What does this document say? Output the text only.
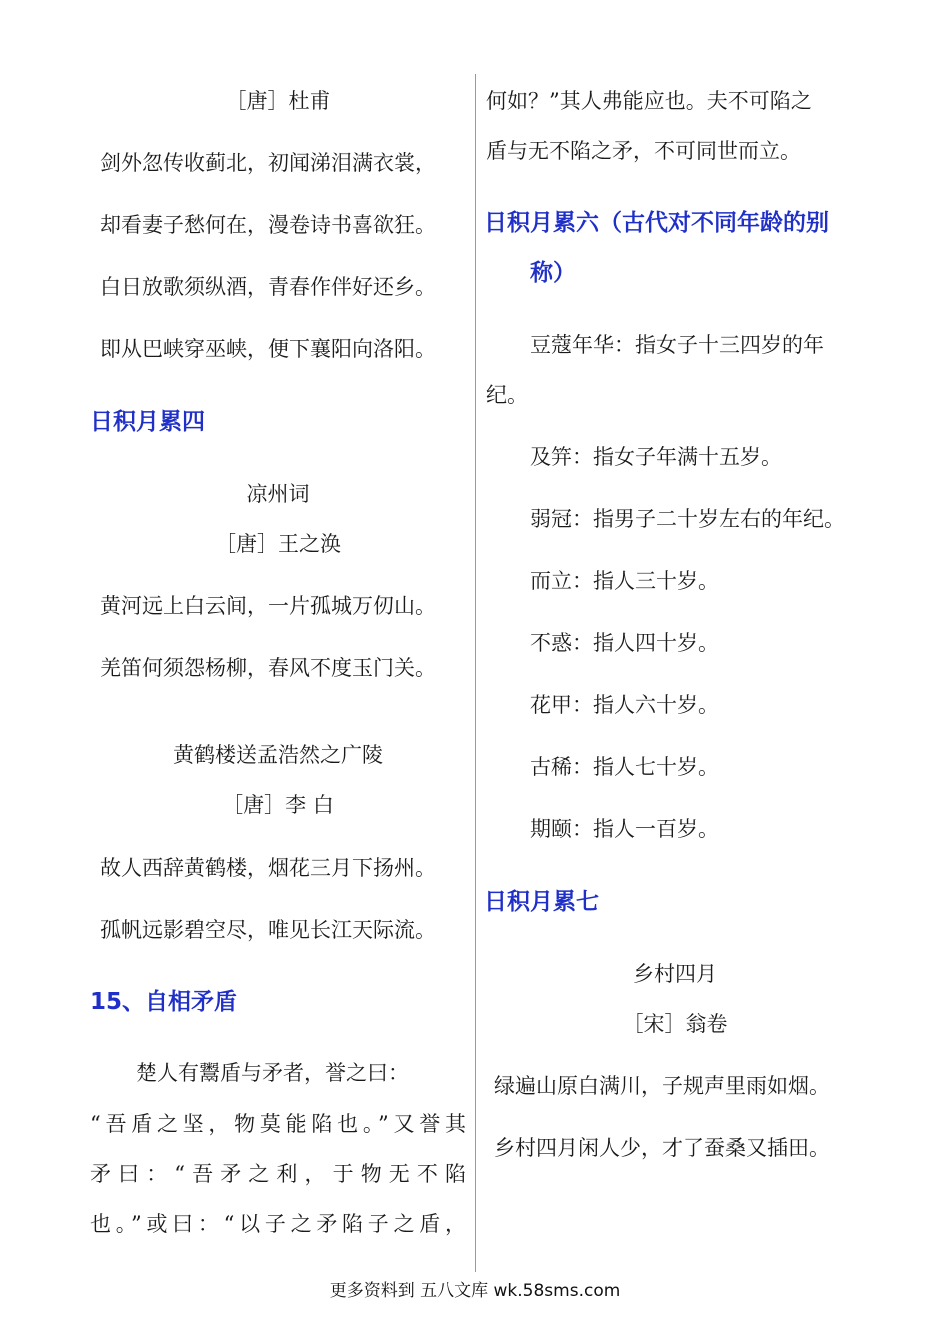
［唐］杜甫
剑外忽传收蓟北，初闻涕泪满衣裳，
却看妻子愁何在，漫卷诗书喜欲狂。
白日放歌须纵酒，青春作伴好还乡。
即从巴峡穿巫峡，便下襄阳向洛阳。
日积月累四
凉州词
［唐］王之涣
黄河远上白云间，一片孤城万仞山。
羌笛何须怨杨柳，春风不度玉门关。
黄鹤楼送孟浩然之广陵
［唐］李 白
故人西辞黄鹤楼，烟花三月下扬州。
孤帆远影碧空尽，唯见长江天际流。
15、自相矛盾
楚人有鬻盾与矛者，誉之曰：
“吾盾之坚，物莫能陷也。”又誉其
矛曰：“吾矛之利，于物无不陷
也。”或曰：“以子之矛陷子之盾，
何如？”其人弗能应也。夫不可陷之
盾与无不陷之矛，不可同世而立。
日积月累六（古代对不同年龄的别
称）
豆蔻年华：指女子十三四岁的年
纪。
及笄：指女子年满十五岁。
弱冠：指男子二十岁左右的年纪。
而立：指人三十岁。
不惑：指人四十岁。
花甲：指人六十岁。
古稀：指人七十岁。
期颐：指人一百岁。
日积月累七
乡村四月
［宋］翁卷
绿遍山原白满川，子规声里雨如烟。
乡村四月闲人少，才了蚕桑又插田。
更多资料到 五八文库 wk.58sms.com
